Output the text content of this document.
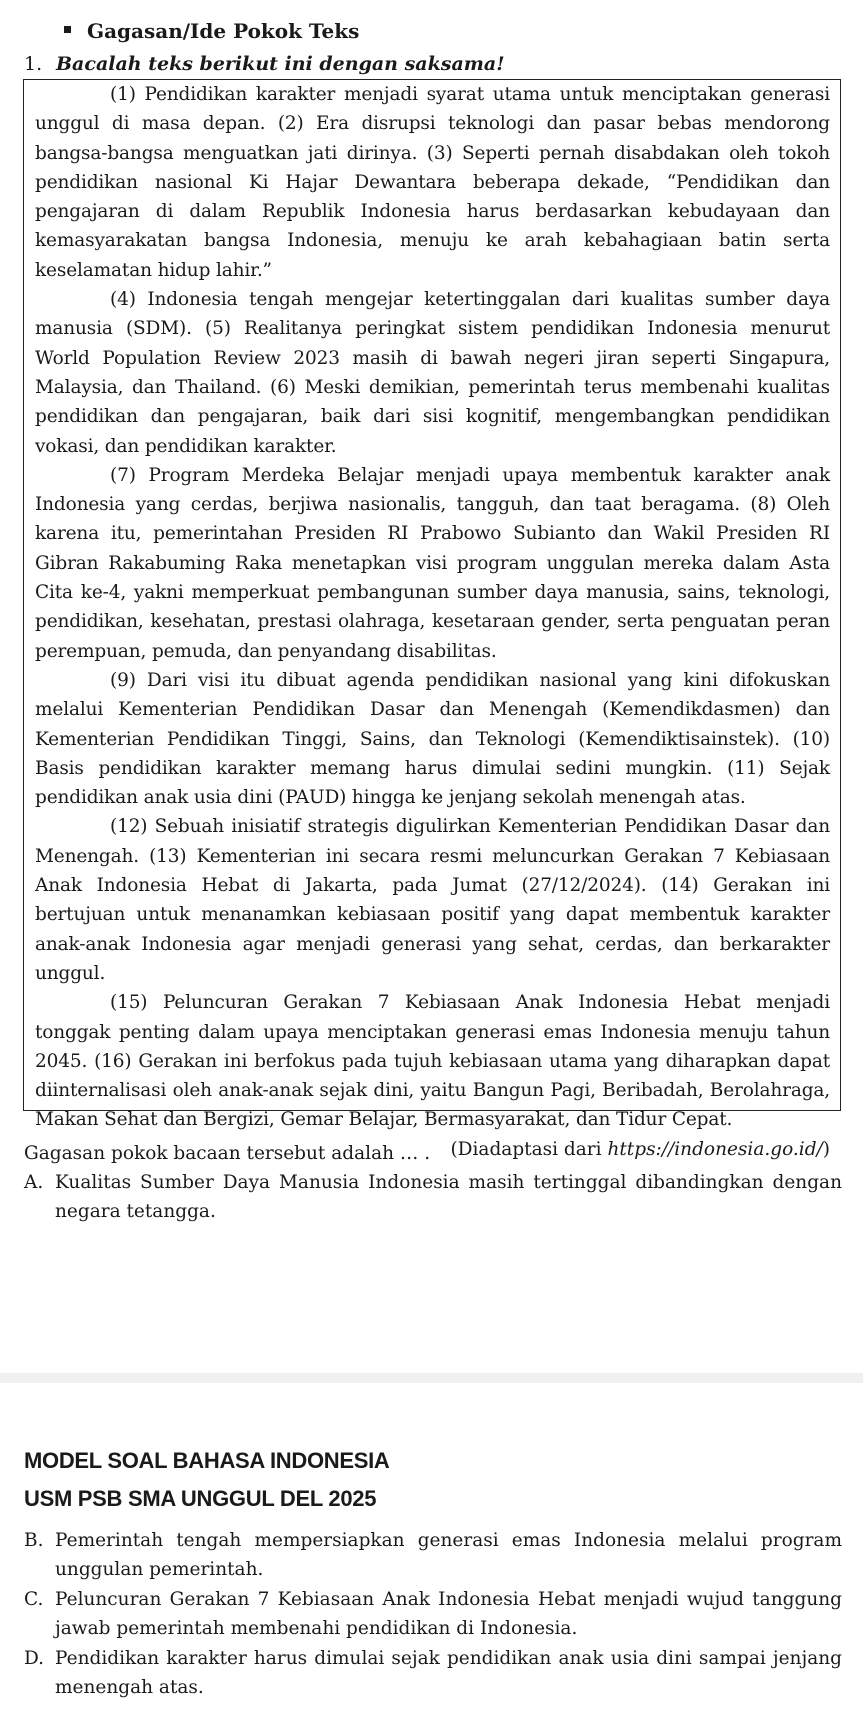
Gagasan/Ide Pokok Teks
1. Bacalah teks berikut ini dengan saksama!

(1) Pendidikan karakter menjadi syarat utama untuk menciptakan generasi unggul di masa depan. (2) Era disrupsi teknologi dan pasar bebas mendorong bangsa-bangsa menguatkan jati dirinya. (3) Seperti pernah disabdakan oleh tokoh pendidikan nasional Ki Hajar Dewantara beberapa dekade, “Pendidikan dan pengajaran di dalam Republik Indonesia harus berdasarkan kebudayaan dan kemasyarakatan bangsa Indonesia, menuju ke arah kebahagiaan batin serta keselamatan hidup lahir.”

(4) Indonesia tengah mengejar ketertinggalan dari kualitas sumber daya manusia (SDM). (5) Realitanya peringkat sistem pendidikan Indonesia menurut World Population Review 2023 masih di bawah negeri jiran seperti Singapura, Malaysia, dan Thailand. (6) Meski demikian, pemerintah terus membenahi kualitas pendidikan dan pengajaran, baik dari sisi kognitif, mengembangkan pendidikan vokasi, dan pendidikan karakter.

(7) Program Merdeka Belajar menjadi upaya membentuk karakter anak Indonesia yang cerdas, berjiwa nasionalis, tangguh, dan taat beragama. (8) Oleh karena itu, pemerintahan Presiden RI Prabowo Subianto dan Wakil Presiden RI Gibran Rakabuming Raka menetapkan visi program unggulan mereka dalam Asta Cita ke-4, yakni memperkuat pembangunan sumber daya manusia, sains, teknologi, pendidikan, kesehatan, prestasi olahraga, kesetaraan gender, serta penguatan peran perempuan, pemuda, dan penyandang disabilitas.

(9) Dari visi itu dibuat agenda pendidikan nasional yang kini difokuskan melalui Kementerian Pendidikan Dasar dan Menengah (Kemendikdasmen) dan Kementerian Pendidikan Tinggi, Sains, dan Teknologi (Kemendiktisainstek). (10) Basis pendidikan karakter memang harus dimulai sedini mungkin. (11) Sejak pendidikan anak usia dini (PAUD) hingga ke jenjang sekolah menengah atas.

(12) Sebuah inisiatif strategis digulirkan Kementerian Pendidikan Dasar dan Menengah. (13) Kementerian ini secara resmi meluncurkan Gerakan 7 Kebiasaan Anak Indonesia Hebat di Jakarta, pada Jumat (27/12/2024). (14) Gerakan ini bertujuan untuk menanamkan kebiasaan positif yang dapat membentuk karakter anak-anak Indonesia agar menjadi generasi yang sehat, cerdas, dan berkarakter unggul.

(15) Peluncuran Gerakan 7 Kebiasaan Anak Indonesia Hebat menjadi tonggak penting dalam upaya menciptakan generasi emas Indonesia menuju tahun 2045. (16) Gerakan ini berfokus pada tujuh kebiasaan utama yang diharapkan dapat diinternalisasi oleh anak-anak sejak dini, yaitu Bangun Pagi, Beribadah, Berolahraga, Makan Sehat dan Bergizi, Gemar Belajar, Bermasyarakat, dan Tidur Cepat.

(Diadaptasi dari https://indonesia.go.id/)

Gagasan pokok bacaan tersebut adalah … .
A. Kualitas Sumber Daya Manusia Indonesia masih tertinggal dibandingkan dengan negara tetangga.
MODEL SOAL BAHASA INDONESIA
USM PSB SMA UNGGUL DEL 2025
B. Pemerintah tengah mempersiapkan generasi emas Indonesia melalui program unggulan pemerintah.
C. Peluncuran Gerakan 7 Kebiasaan Anak Indonesia Hebat menjadi wujud tanggung jawab pemerintah membenahi pendidikan di Indonesia.
D. Pendidikan karakter harus dimulai sejak pendidikan anak usia dini sampai jenjang menengah atas.
